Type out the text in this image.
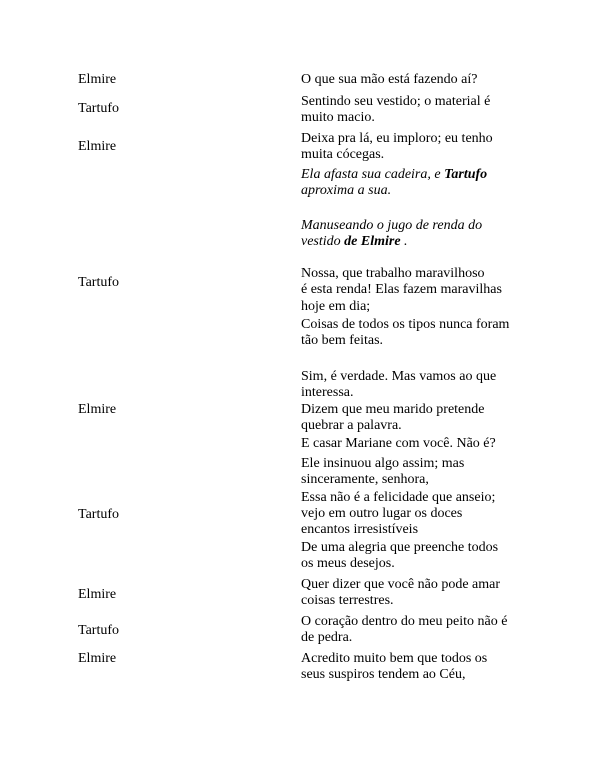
Elmire
Tartufo
Elmire
Tartufo
Elmire
Tartufo
Elmire
Tartufo
Elmire
O que sua mão está fazendo aí?
Sentindo seu vestido; o material é
muito macio.
Deixa pra lá, eu imploro; eu tenho
muita cócegas.
Ela afasta sua cadeira, e Tartufo
aproxima a sua.
Manuseando o jugo de renda do
vestido de Elmire .
Nossa, que trabalho maravilhoso
é esta renda! Elas fazem maravilhas
hoje em dia;
Coisas de todos os tipos nunca foram
tão bem feitas.
Sim, é verdade. Mas vamos ao que
interessa.
Dizem que meu marido pretende
quebrar a palavra.
E casar Mariane com você. Não é?
Ele insinuou algo assim; mas
sinceramente, senhora,
Essa não é a felicidade que anseio;
vejo em outro lugar os doces
encantos irresistíveis
De uma alegria que preenche todos
os meus desejos.
Quer dizer que você não pode amar
coisas terrestres.
O coração dentro do meu peito não é
de pedra.
Acredito muito bem que todos os
seus suspiros tendem ao Céu,
